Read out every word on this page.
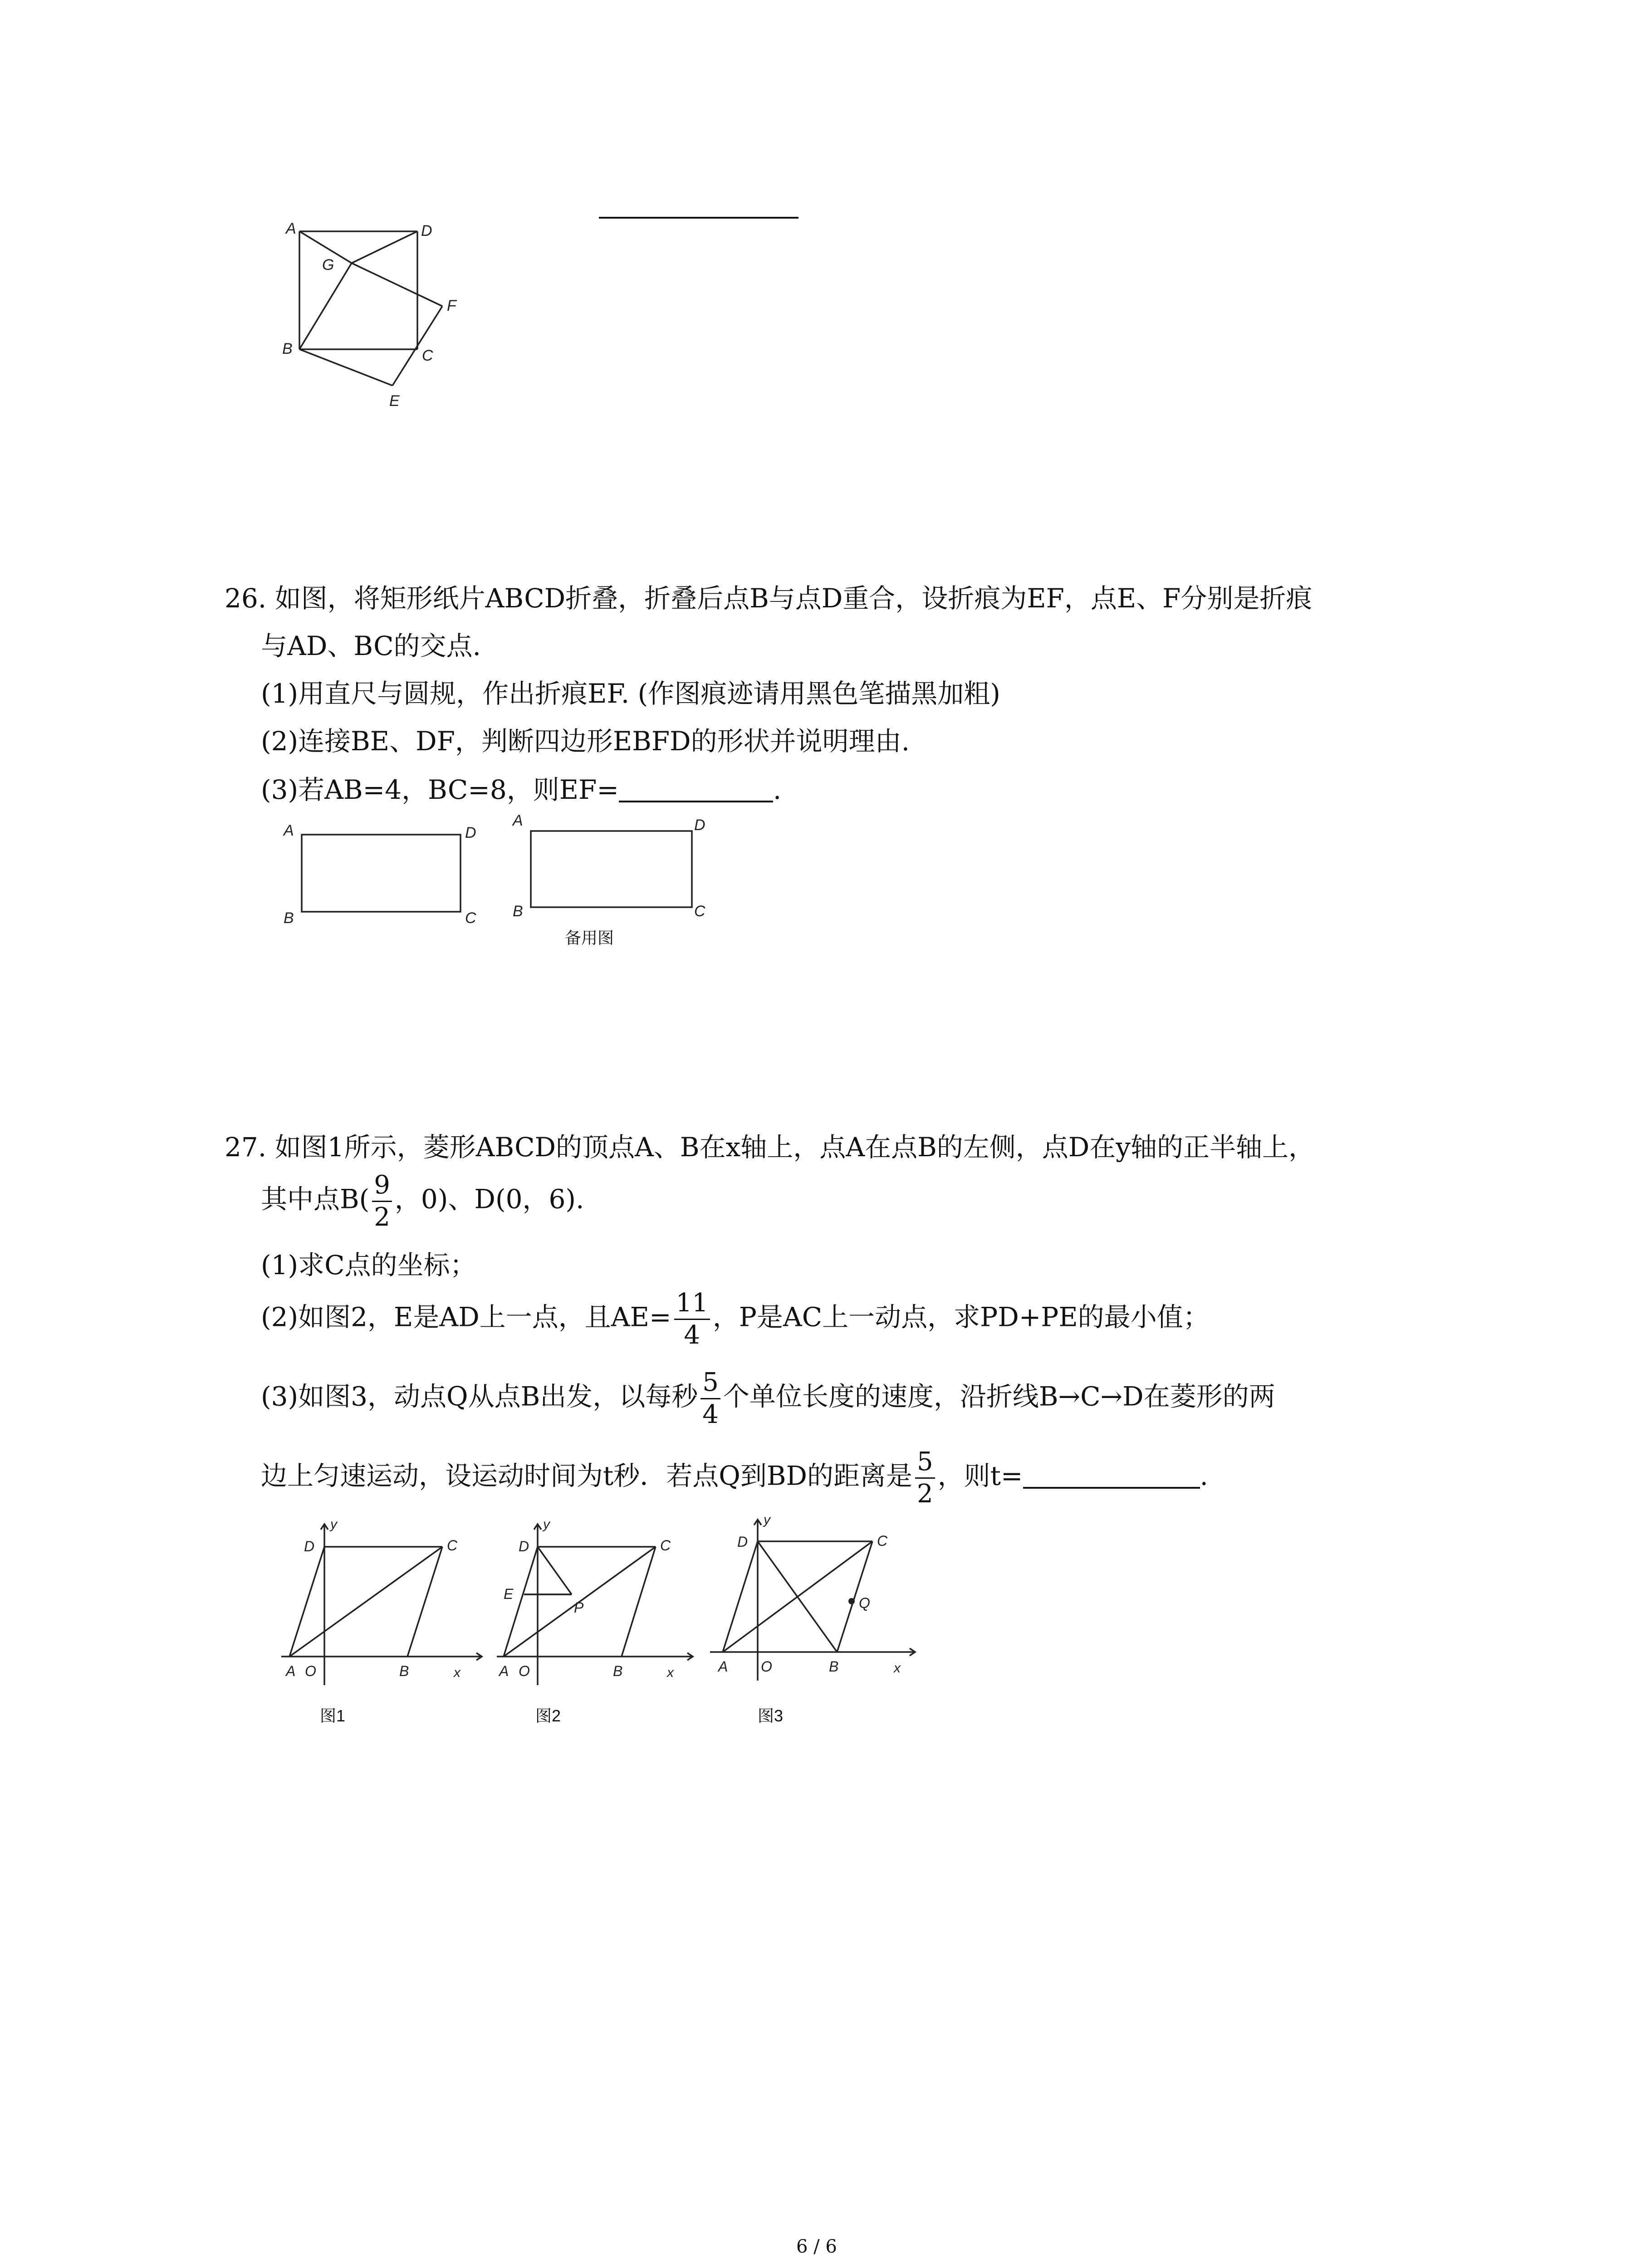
A	D
G
F
B	C
E
26. 如图，将矩形纸片ABCD折叠，折叠后点B与点D重合，设折痕为EF，点E、F分别是折痕
与AD、BC的交点.
(1)用直尺与圆规，作出折痕EF. (作图痕迹请用黑色笔描黑加粗)
(2)连接BE、DF，判断四边形EBFD的形状并说明理由.
(3)若AB=4，BC=8，则EF=	.
A	D
B	C
A	D
B	C
备用图
27. 如图1所示，菱形ABCD的顶点A、B在x轴上，点A在点B的左侧，点D在y轴的正半轴上，
其中点$B( \frac{9}{2}$ ，0)、D(0，6).
(1)求C点的坐标；
(2)如图2，E是AD上一点，且$AE= \frac{11}{4}$ ，P是AC上一动点，求PD+PE的最小值；
(3)如图3，动点Q从点B出发，以每秒 $\frac{5}{4}$ 个单位长度的速度，沿折线B→C→D在菱形的两
边上匀速运动，设运动时间为t秒．若点Q到BD的距离是 $\frac{5}{2}$ ，则t=	.
y
D	C
A O	B	x
图1
y
D	C
E
P
A O	B	x
图2
y
D	C
Q
A O	B	x
图3
6 / 6
